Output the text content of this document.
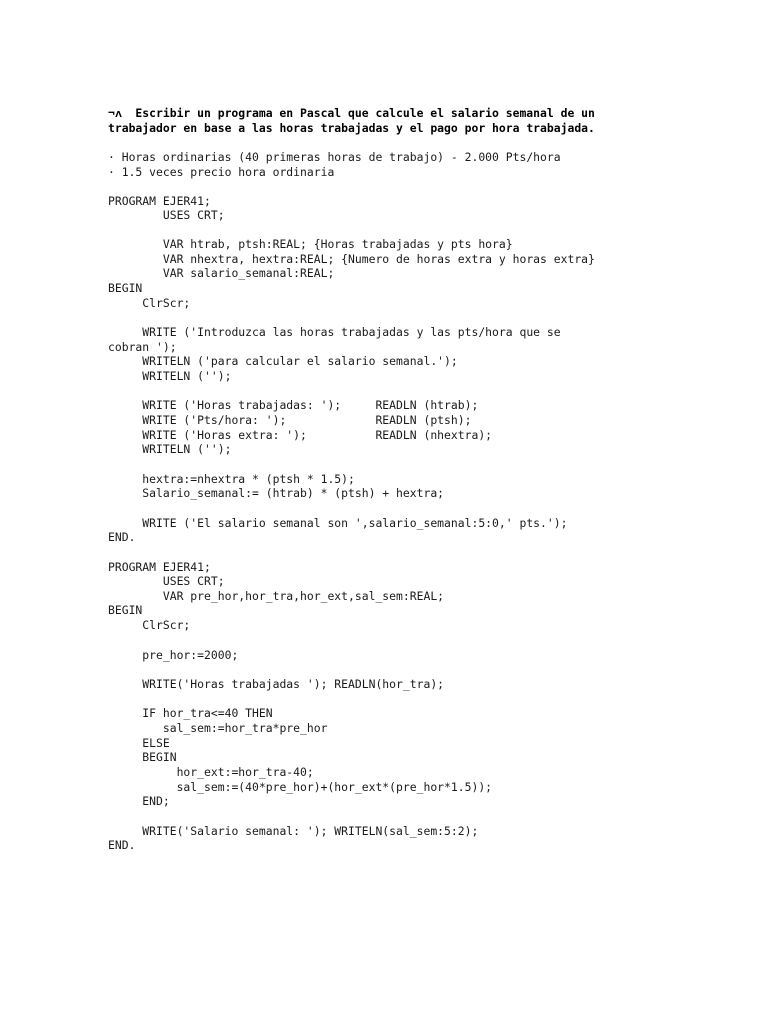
¬ᴧ  Escribir un programa en Pascal que calcule el salario semanal de un
trabajador en base a las horas trabajadas y el pago por hora trabajada.
· Horas ordinarias (40 primeras horas de trabajo) - 2.000 Pts/hora
· 1.5 veces precio hora ordinaria
PROGRAM EJER41;
USES CRT;
VAR htrab, ptsh:REAL; {Horas trabajadas y pts hora}
VAR nhextra, hextra:REAL; {Numero de horas extra y horas extra}
VAR salario_semanal:REAL;
BEGIN
ClrScr;
WRITE ('Introduzca las horas trabajadas y las pts/hora que se
cobran ');
WRITELN ('para calcular el salario semanal.');
WRITELN ('');
WRITE ('Horas trabajadas: ');     READLN (htrab);
WRITE ('Pts/hora: ');             READLN (ptsh);
WRITE ('Horas extra: ');          READLN (nhextra);
WRITELN ('');
hextra:=nhextra * (ptsh * 1.5);
Salario_semanal:= (htrab) * (ptsh) + hextra;
WRITE ('El salario semanal son ',salario_semanal:5:0,' pts.');
END.
PROGRAM EJER41;
USES CRT;
VAR pre_hor,hor_tra,hor_ext,sal_sem:REAL;
BEGIN
ClrScr;
pre_hor:=2000;
WRITE('Horas trabajadas '); READLN(hor_tra);
IF hor_tra<=40 THEN
sal_sem:=hor_tra*pre_hor
ELSE
BEGIN
hor_ext:=hor_tra-40;
sal_sem:=(40*pre_hor)+(hor_ext*(pre_hor*1.5));
END;
WRITE('Salario semanal: '); WRITELN(sal_sem:5:2);
END.
